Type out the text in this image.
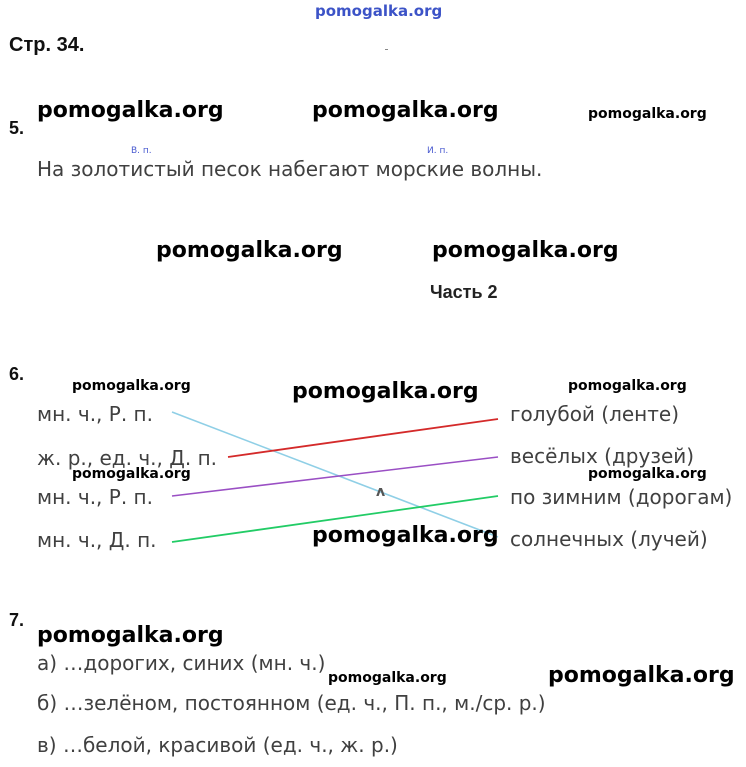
pomogalka.org
Стр. 34.
5.
pomogalka.org	pomogalka.org	pomogalka.org
В. п.	И. п.
На золотистый песок набегают морские волны.
pomogalka.org	pomogalka.org
Часть 2
6.
pomogalka.org	pomogalka.org	pomogalka.org
ᴧ
мн. ч., Р. п.
ж. р., ед. ч., Д. п.
pomogalka.org
мн. ч., Р. п.
мн. ч., Д. п.
голубой (ленте)
весёлых (друзей)
pomogalka.org
по зимним (дорогам)
pomogalka.org солнечных (лучей)
7.
pomogalka.org
а) …дорогих, синих (мн. ч.)
pomogalka.org	pomogalka.org
б) …зелёном, постоянном (ед. ч., П. п., м./ср. р.)
в) …белой, красивой (ед. ч., ж. р.)
